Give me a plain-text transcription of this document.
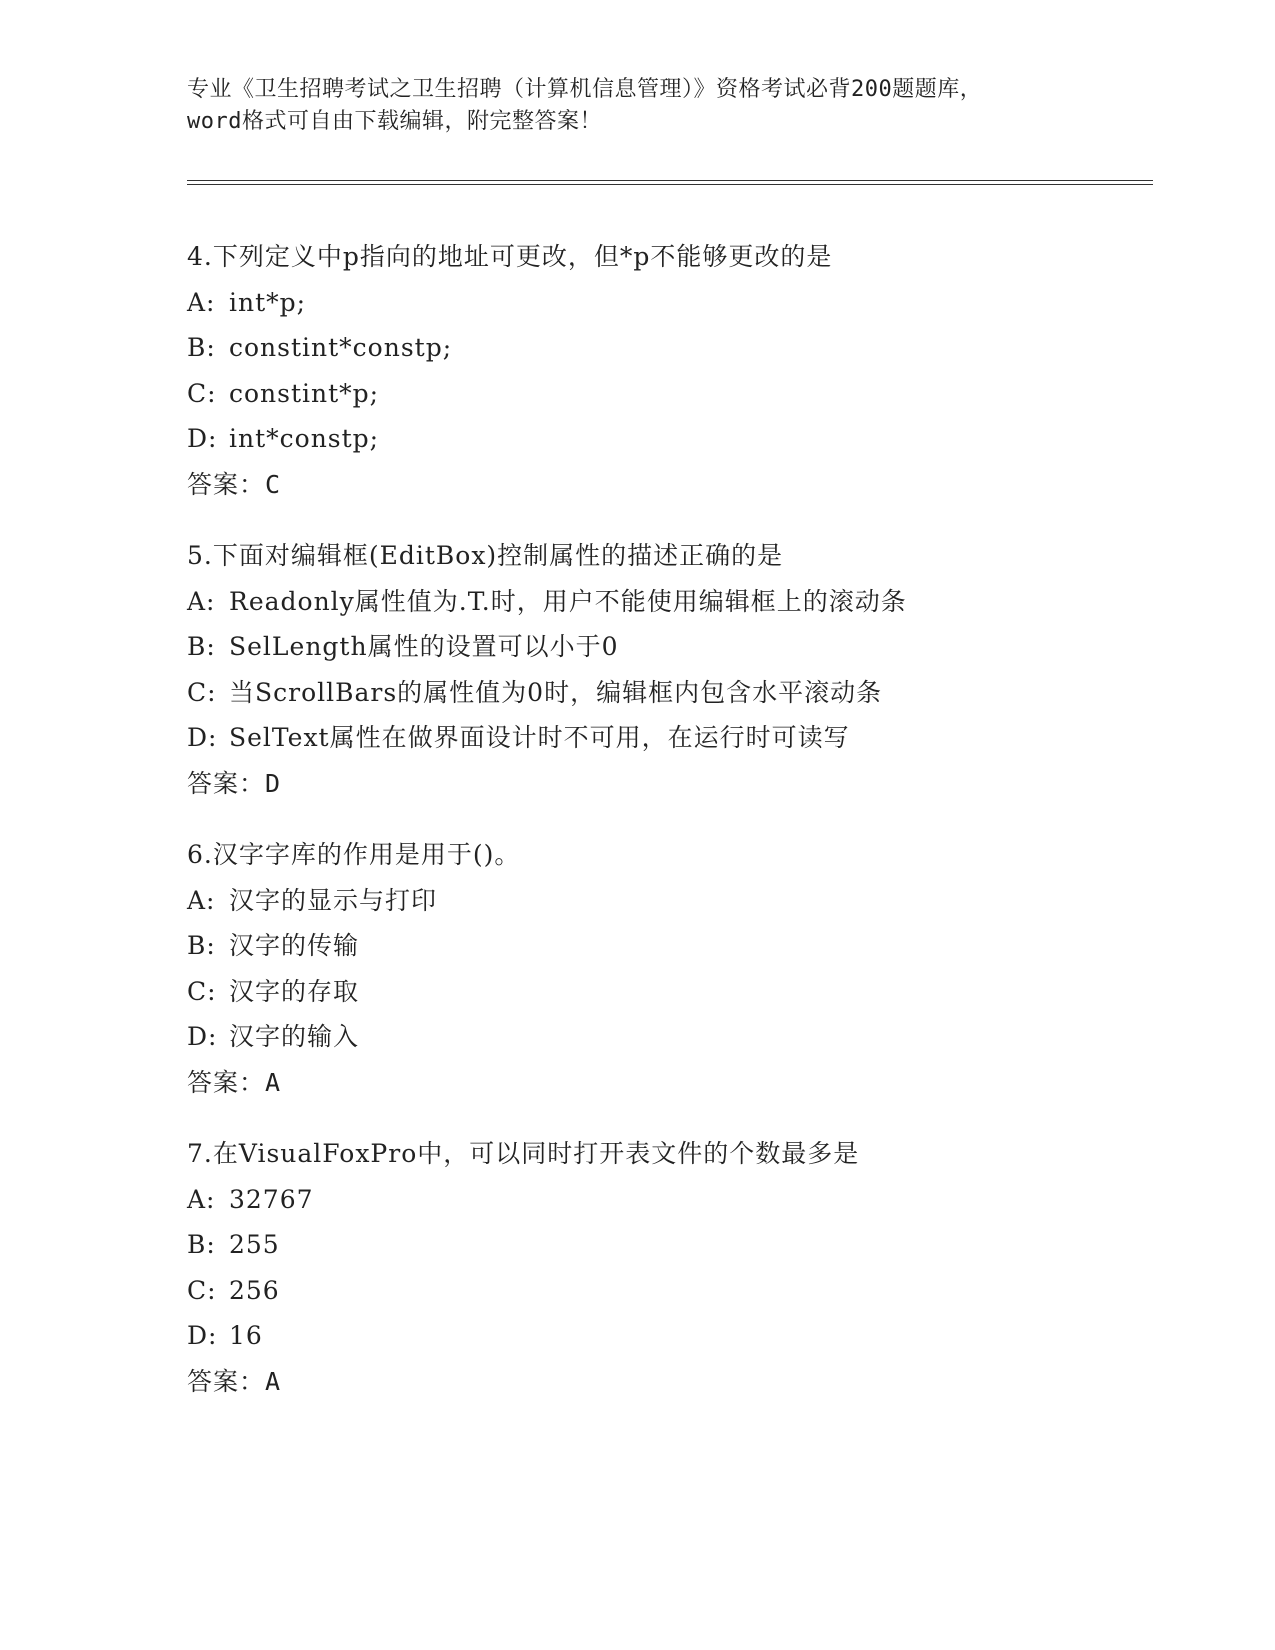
专业《卫生招聘考试之卫生招聘（计算机信息管理）》资格考试必背200题题库，

word格式可自由下载编辑，附完整答案！

4.下列定义中p指向的地址可更改，但*p不能够更改的是
A: int*p;
B: constint*constp;
C: constint*p;
D: int*constp;
答案：C
5.下面对编辑框(EditBox)控制属性的描述正确的是
A: Readonly属性值为.T.时，用户不能使用编辑框上的滚动条
B: SelLength属性的设置可以小于0
C: 当ScrollBars的属性值为0时，编辑框内包含水平滚动条
D: SelText属性在做界面设计时不可用，在运行时可读写
答案：D
6.汉字字库的作用是用于()。
A: 汉字的显示与打印
B: 汉字的传输
C: 汉字的存取
D: 汉字的输入
答案：A
7.在VisualFoxPro中，可以同时打开表文件的个数最多是
A: 32767
B: 255
C: 256
D: 16
答案：A
